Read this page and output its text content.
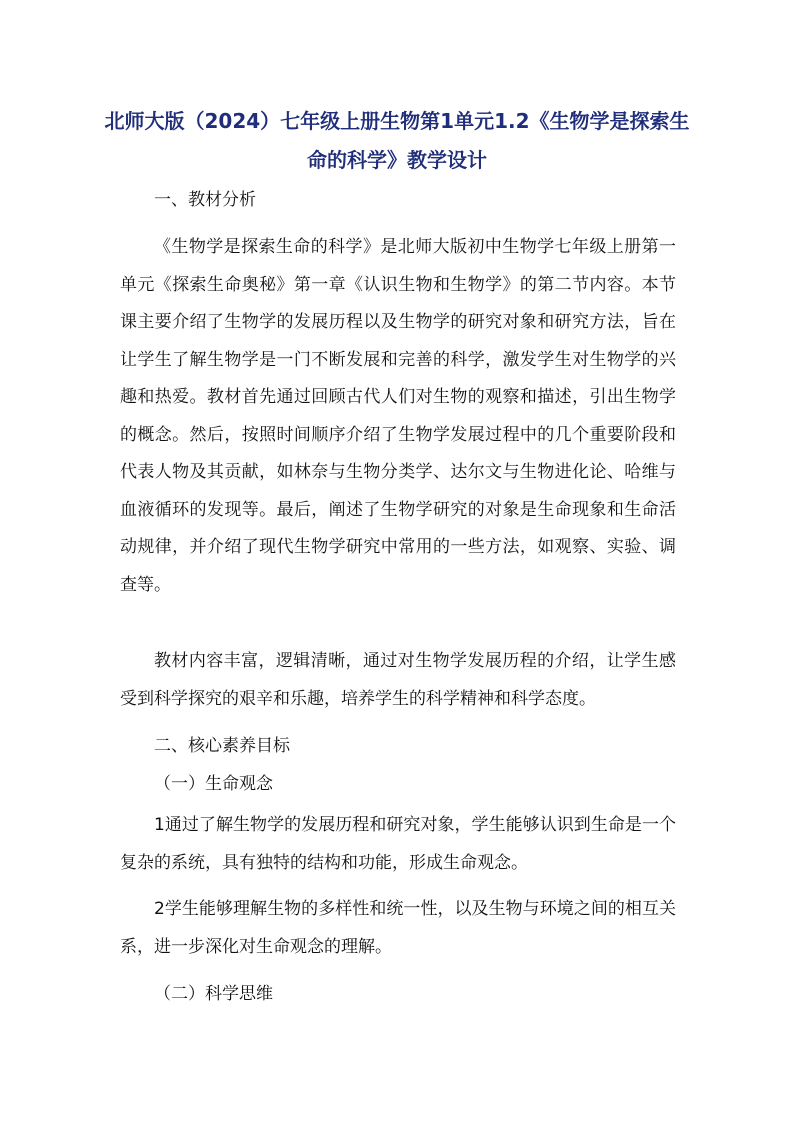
北师大版（2024）七年级上册生物第1单元1.2《生物学是探索生命的科学》教学设计

一、教材分析

《生物学是探索生命的科学》是北师大版初中生物学七年级上册第一单元《探索生命奥秘》第一章《认识生物和生物学》的第二节内容。本节课主要介绍了生物学的发展历程以及生物学的研究对象和研究方法，旨在让学生了解生物学是一门不断发展和完善的科学，激发学生对生物学的兴趣和热爱。教材首先通过回顾古代人们对生物的观察和描述，引出生物学的概念。然后，按照时间顺序介绍了生物学发展过程中的几个重要阶段和代表人物及其贡献，如林奈与生物分类学、达尔文与生物进化论、哈维与血液循环的发现等。最后，阐述了生物学研究的对象是生命现象和生命活动规律，并介绍了现代生物学研究中常用的一些方法，如观察、实验、调查等。

教材内容丰富，逻辑清晰，通过对生物学发展历程的介绍，让学生感受到科学探究的艰辛和乐趣，培养学生的科学精神和科学态度。

二、核心素养目标

（一）生命观念

1通过了解生物学的发展历程和研究对象，学生能够认识到生命是一个复杂的系统，具有独特的结构和功能，形成生命观念。

2学生能够理解生物的多样性和统一性，以及生物与环境之间的相互关系，进一步深化对生命观念的理解。

（二）科学思维
